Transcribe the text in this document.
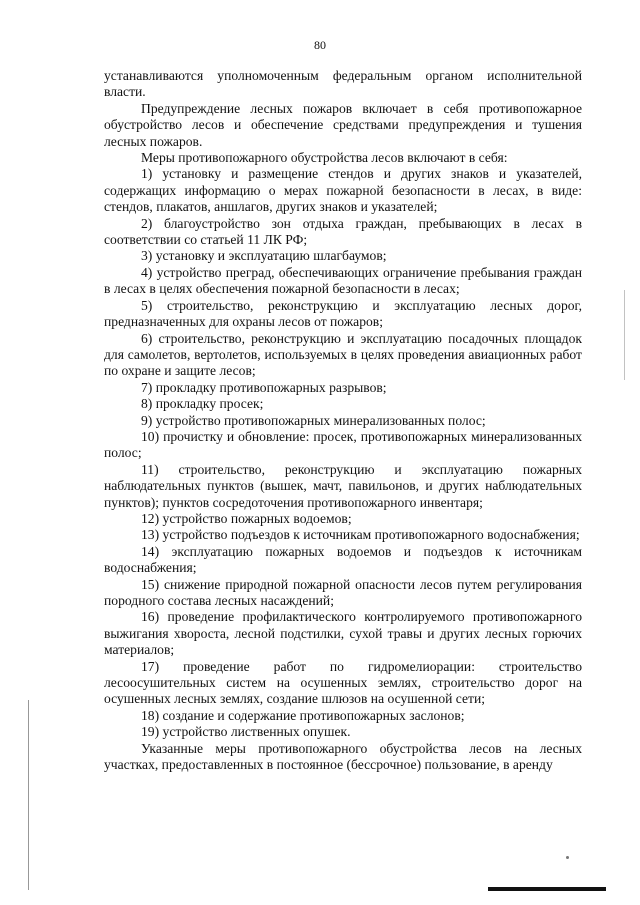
80

устанавливаются уполномоченным федеральным органом исполнительной власти.

Предупреждение лесных пожаров включает в себя противопожарное обустройство лесов и обеспечение средствами предупреждения и тушения лесных пожаров.

Меры противопожарного обустройства лесов включают в себя:

1) установку и размещение стендов и других знаков и указателей, содержащих информацию о мерах пожарной безопасности в лесах, в виде: стендов, плакатов, аншлагов, других знаков и указателей;

2) благоустройство зон отдыха граждан, пребывающих в лесах в соответствии со статьей 11 ЛК РФ;

3) установку и эксплуатацию шлагбаумов;

4) устройство преград, обеспечивающих ограничение пребывания граждан в лесах в целях обеспечения пожарной безопасности в лесах;

5) строительство, реконструкцию и эксплуатацию лесных дорог, предназначенных для охраны лесов от пожаров;

6) строительство, реконструкцию и эксплуатацию посадочных площадок для самолетов, вертолетов, используемых в целях проведения авиационных работ по охране и защите лесов;

7) прокладку противопожарных разрывов;

8) прокладку просек;

9) устройство противопожарных минерализованных полос;

10) прочистку и обновление: просек, противопожарных минерализованных полос;

11) строительство, реконструкцию и эксплуатацию пожарных наблюдательных пунктов (вышек, мачт, павильонов, и других наблюдательных пунктов); пунктов сосредоточения противопожарного инвентаря;

12) устройство пожарных водоемов;

13) устройство подъездов к источникам противопожарного водоснабжения;

14) эксплуатацию пожарных водоемов и подъездов к источникам водоснабжения;

15) снижение природной пожарной опасности лесов путем регулирования породного состава лесных насаждений;

16) проведение профилактического контролируемого противопожарного выжигания хвороста, лесной подстилки, сухой травы и других лесных горючих материалов;

17) проведение работ по гидромелиорации: строительство лесоосушительных систем на осушенных землях, строительство дорог на осушенных лесных землях, создание шлюзов на осушенной сети;

18) создание и содержание противопожарных заслонов;

19) устройство лиственных опушек.

Указанные меры противопожарного обустройства лесов на лесных участках, предоставленных в постоянное (бессрочное) пользование, в аренду
